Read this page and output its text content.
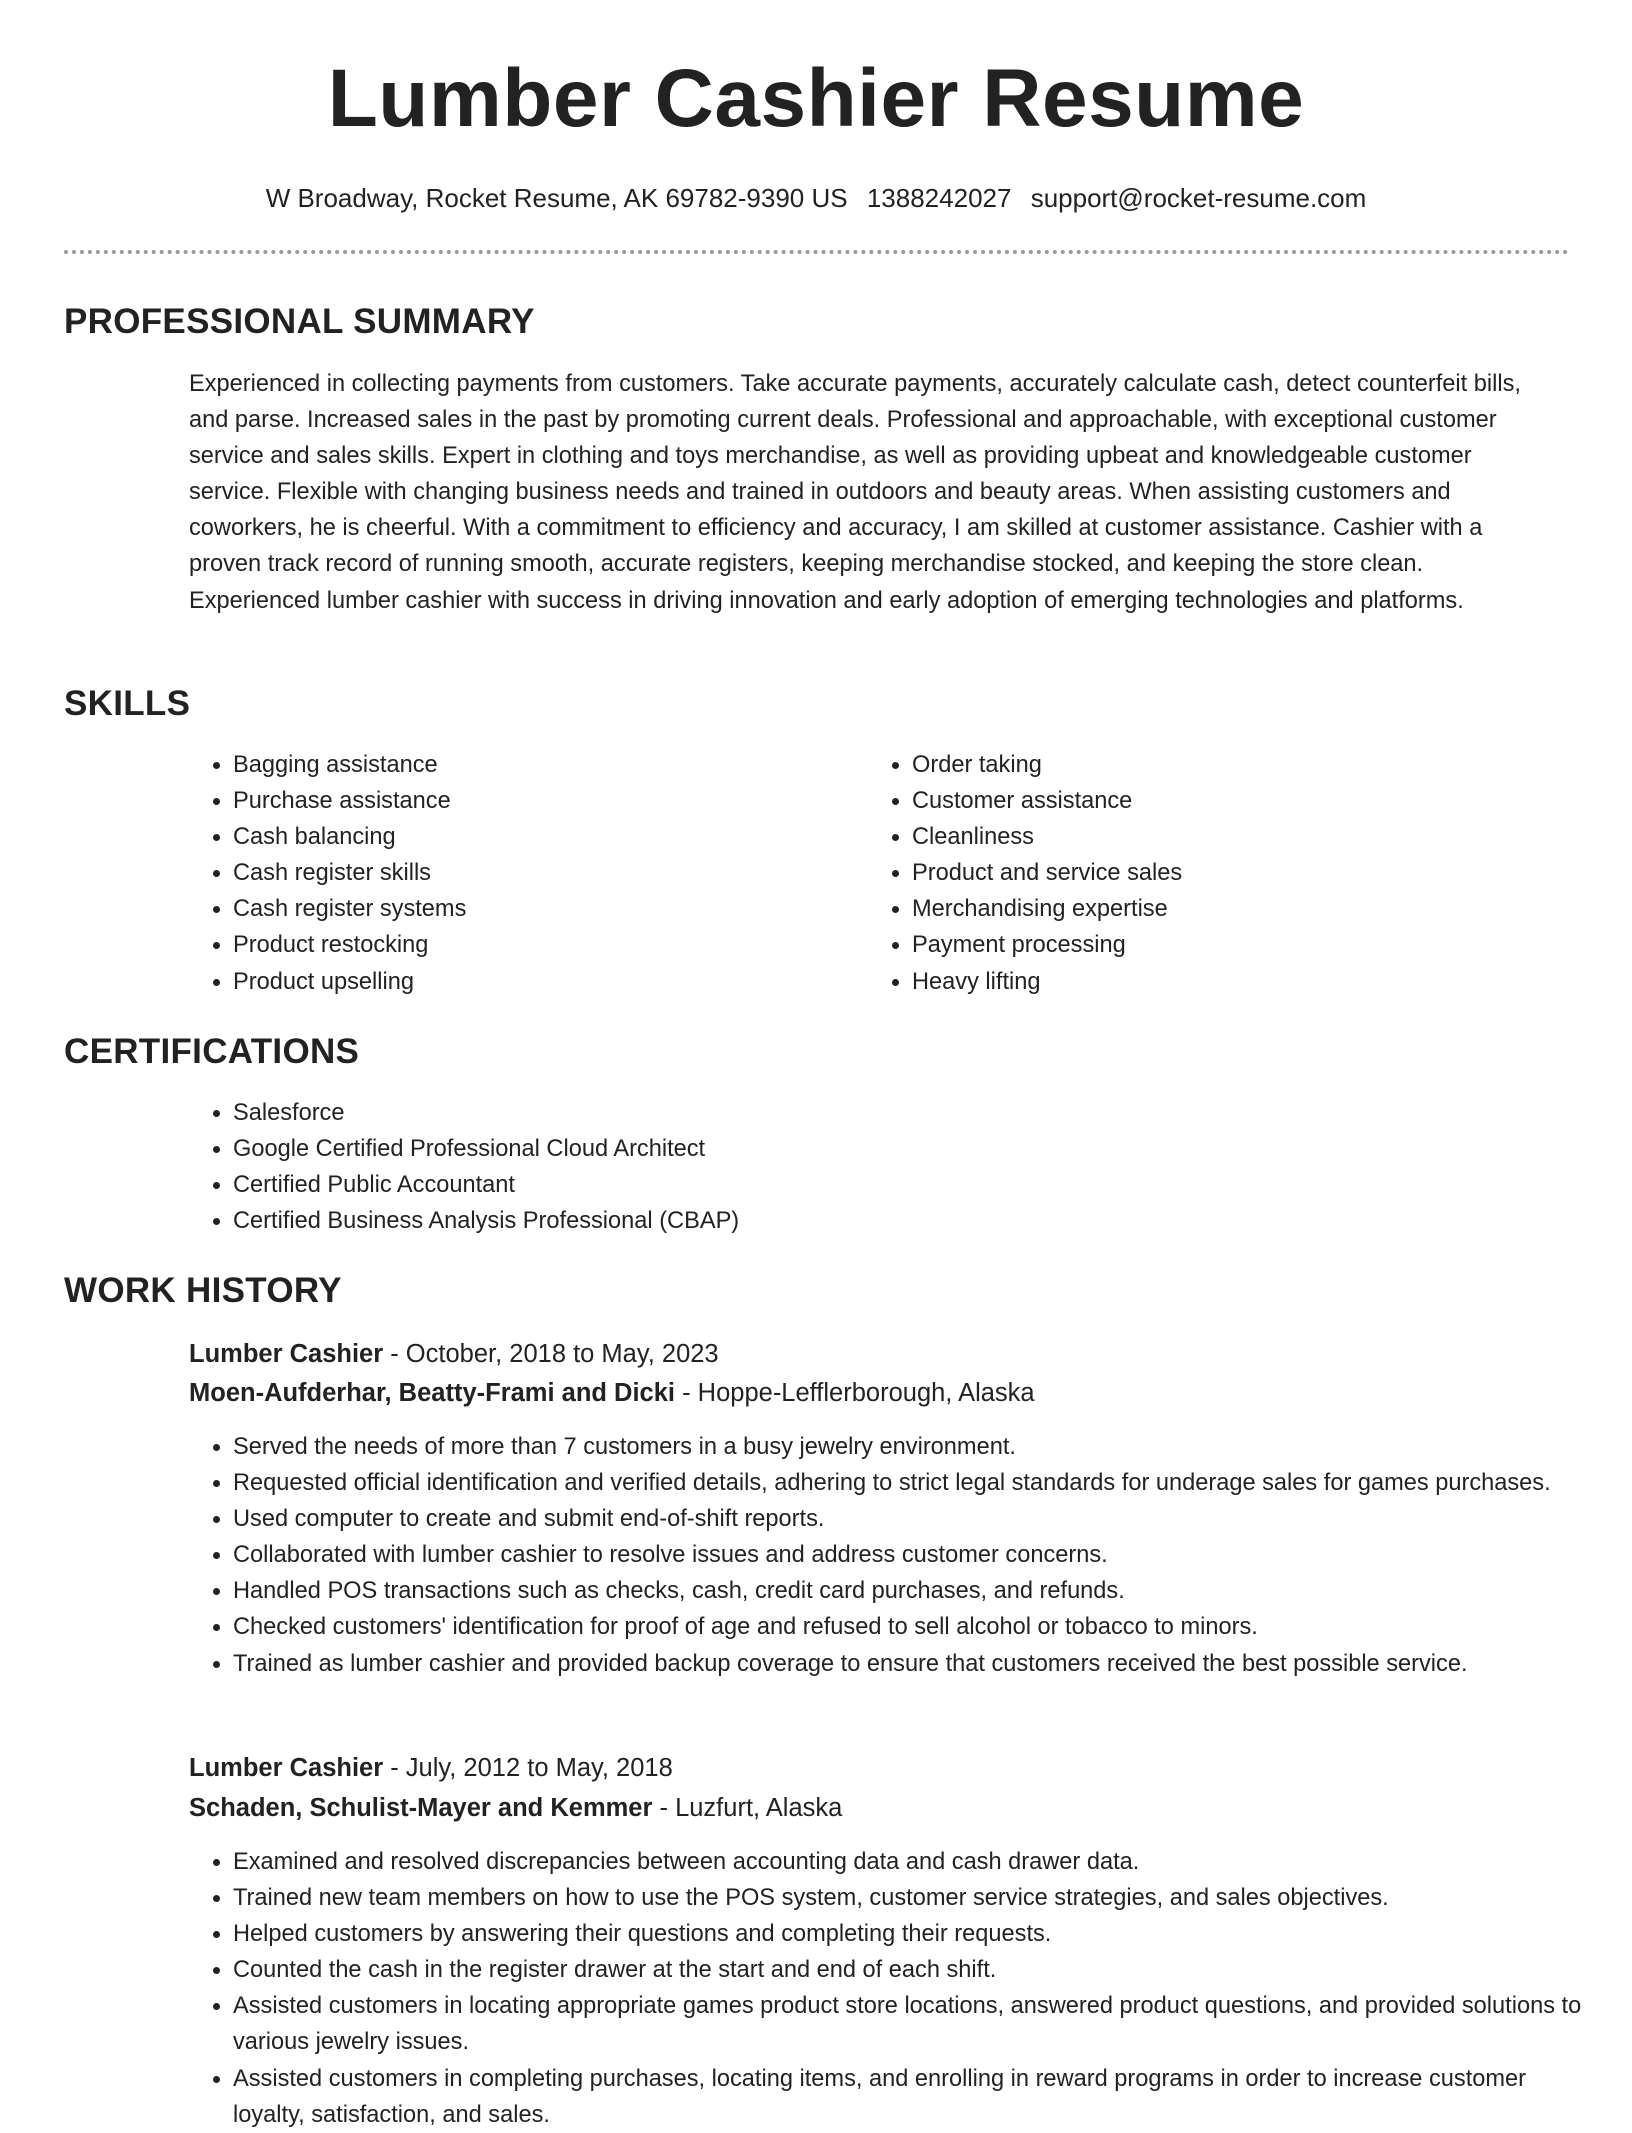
Lumber Cashier Resume
W Broadway, Rocket Resume, AK 69782-9390 US 1388242027 support@rocket-resume.com
PROFESSIONAL SUMMARY
Experienced in collecting payments from customers. Take accurate payments, accurately calculate cash, detect counterfeit bills, and parse. Increased sales in the past by promoting current deals. Professional and approachable, with exceptional customer service and sales skills. Expert in clothing and toys merchandise, as well as providing upbeat and knowledgeable customer service. Flexible with changing business needs and trained in outdoors and beauty areas. When assisting customers and coworkers, he is cheerful. With a commitment to efficiency and accuracy, I am skilled at customer assistance. Cashier with a proven track record of running smooth, accurate registers, keeping merchandise stocked, and keeping the store clean. Experienced lumber cashier with success in driving innovation and early adoption of emerging technologies and platforms.
SKILLS
• Bagging assistance
• Purchase assistance
• Cash balancing
• Cash register skills
• Cash register systems
• Product restocking
• Product upselling
• Order taking
• Customer assistance
• Cleanliness
• Product and service sales
• Merchandising expertise
• Payment processing
• Heavy lifting
CERTIFICATIONS
• Salesforce
• Google Certified Professional Cloud Architect
• Certified Public Accountant
• Certified Business Analysis Professional (CBAP)
WORK HISTORY
Lumber Cashier - October, 2018 to May, 2023
Moen-Aufderhar, Beatty-Frami and Dicki - Hoppe-Lefflerborough, Alaska
• Served the needs of more than 7 customers in a busy jewelry environment.
• Requested official identification and verified details, adhering to strict legal standards for underage sales for games purchases.
• Used computer to create and submit end-of-shift reports.
• Collaborated with lumber cashier to resolve issues and address customer concerns.
• Handled POS transactions such as checks, cash, credit card purchases, and refunds.
• Checked customers' identification for proof of age and refused to sell alcohol or tobacco to minors.
• Trained as lumber cashier and provided backup coverage to ensure that customers received the best possible service.
Lumber Cashier - July, 2012 to May, 2018
Schaden, Schulist-Mayer and Kemmer - Luzfurt, Alaska
• Examined and resolved discrepancies between accounting data and cash drawer data.
• Trained new team members on how to use the POS system, customer service strategies, and sales objectives.
• Helped customers by answering their questions and completing their requests.
• Counted the cash in the register drawer at the start and end of each shift.
• Assisted customers in locating appropriate games product store locations, answered product questions, and provided solutions to various jewelry issues.
• Assisted customers in completing purchases, locating items, and enrolling in reward programs in order to increase customer loyalty, satisfaction, and sales.
